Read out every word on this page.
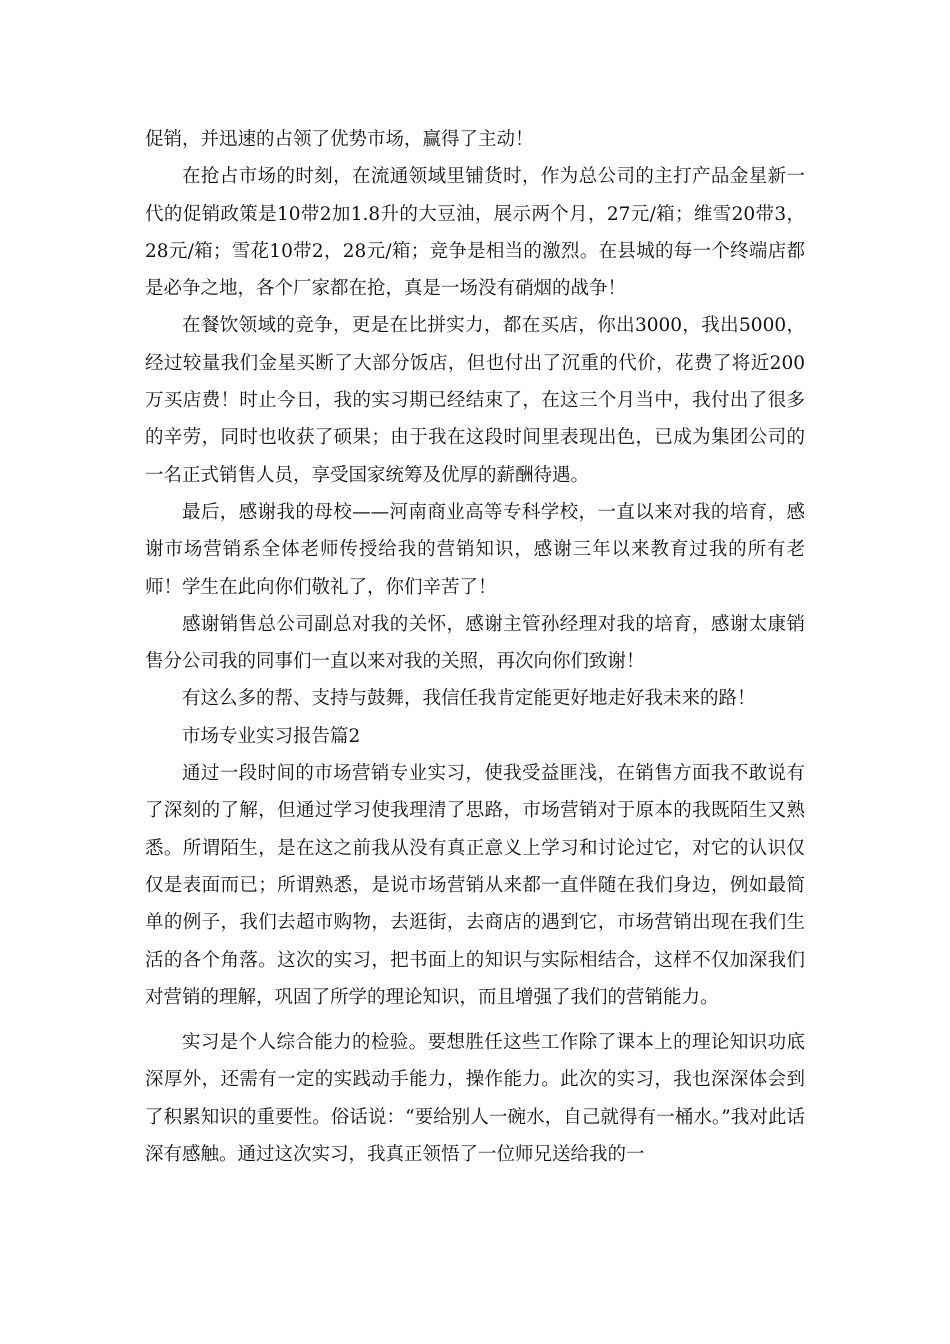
促销，并迅速的占领了优势市场，赢得了主动！

在抢占市场的时刻，在流通领域里铺货时，作为总公司的主打产品金星新一代的促销政策是10带2加1.8升的大豆油，展示两个月，27元/箱；维雪20带3，28元/箱；雪花10带2，28元/箱；竞争是相当的激烈。在县城的每一个终端店都是必争之地，各个厂家都在抢，真是一场没有硝烟的战争！

在餐饮领域的竞争，更是在比拼实力，都在买店，你出3000，我出5000，经过较量我们金星买断了大部分饭店，但也付出了沉重的代价，花费了将近200万买店费！时止今日，我的实习期已经结束了，在这三个月当中，我付出了很多的辛劳，同时也收获了硕果；由于我在这段时间里表现出色，已成为集团公司的一名正式销售人员，享受国家统筹及优厚的薪酬待遇。

最后，感谢我的母校——河南商业高等专科学校，一直以来对我的培育，感谢市场营销系全体老师传授给我的营销知识，感谢三年以来教育过我的所有老师！学生在此向你们敬礼了，你们辛苦了！

感谢销售总公司副总对我的关怀，感谢主管孙经理对我的培育，感谢太康销售分公司我的同事们一直以来对我的关照，再次向你们致谢！

有这么多的帮、支持与鼓舞，我信任我肯定能更好地走好我未来的路！

市场专业实习报告篇2

通过一段时间的市场营销专业实习，使我受益匪浅，在销售方面我不敢说有了深刻的了解，但通过学习使我理清了思路，市场营销对于原本的我既陌生又熟悉。所谓陌生，是在这之前我从没有真正意义上学习和讨论过它，对它的认识仅仅是表面而已；所谓熟悉，是说市场营销从来都一直伴随在我们身边，例如最简单的例子，我们去超市购物，去逛街，去商店的遇到它，市场营销出现在我们生活的各个角落。这次的实习，把书面上的知识与实际相结合，这样不仅加深我们对营销的理解，巩固了所学的理论知识，而且增强了我们的营销能力。

实习是个人综合能力的检验。要想胜任这些工作除了课本上的理论知识功底深厚外，还需有一定的实践动手能力，操作能力。此次的实习，我也深深体会到了积累知识的重要性。俗话说：“要给别人一碗水，自己就得有一桶水。”我对此话深有感触。通过这次实习，我真正领悟了一位师兄送给我的一
